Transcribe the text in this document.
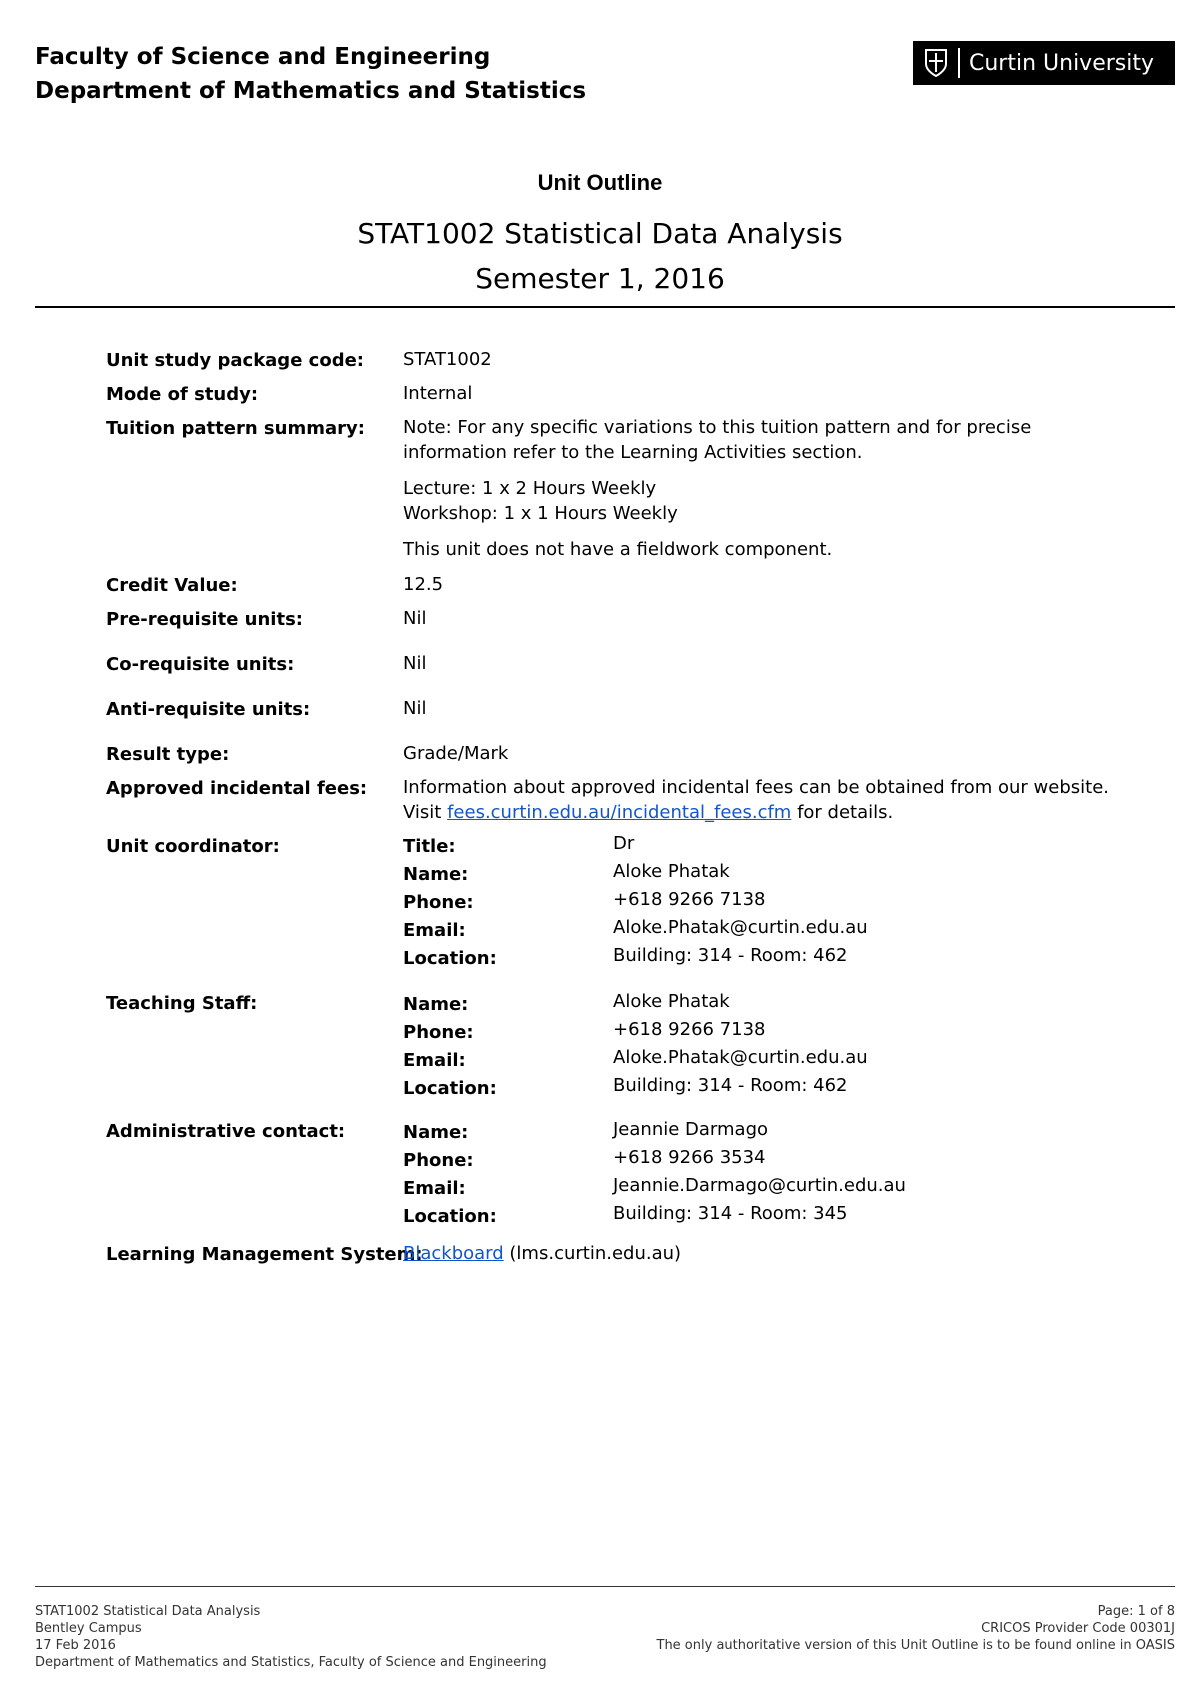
Faculty of Science and Engineering
Department of Mathematics and Statistics
Curtin University
Unit Outline
STAT1002 Statistical Data Analysis
Semester 1, 2016
Unit study package code: STAT1002
Mode of study:	Internal
Tuition pattern summary: Note: For any specific variations to this tuition pattern and for precise
information refer to the Learning Activities section.
Lecture: 1 x 2 Hours Weekly
Workshop: 1 x 1 Hours Weekly
This unit does not have a fieldwork component.
Credit Value:	12.5
Pre-requisite units:	Nil
Co-requisite units:	Nil
Anti-requisite units:	Nil
Result type:	Grade/Mark
Approved incidental fees: Information about approved incidental fees can be obtained from our website.
Visit fees.curtin.edu.au/incidental_fees.cfm for details.
Unit coordinator:	Title:	Dr
Name:	Aloke Phatak
Phone:	+618 9266 7138
Email:	Aloke.Phatak@curtin.edu.au
Location:	Building: 314 - Room: 462
Teaching Staff:	Name:	Aloke Phatak
Phone:	+618 9266 7138
Email:	Aloke.Phatak@curtin.edu.au
Location:	Building: 314 - Room: 462
Administrative contact:	Name:	Jeannie Darmago
Phone:	+618 9266 3534
Email:	Jeannie.Darmago@curtin.edu.au
Location:	Building: 314 - Room: 345
Learning Management System:
Blackboard (lms.curtin.edu.au)
STAT1002 Statistical Data Analysis
Bentley Campus
17 Feb 2016
Department of Mathematics and Statistics, Faculty of Science and Engineering
Page: 1 of 8
CRICOS Provider Code 00301J
The only authoritative version of this Unit Outline is to be found online in OASIS
